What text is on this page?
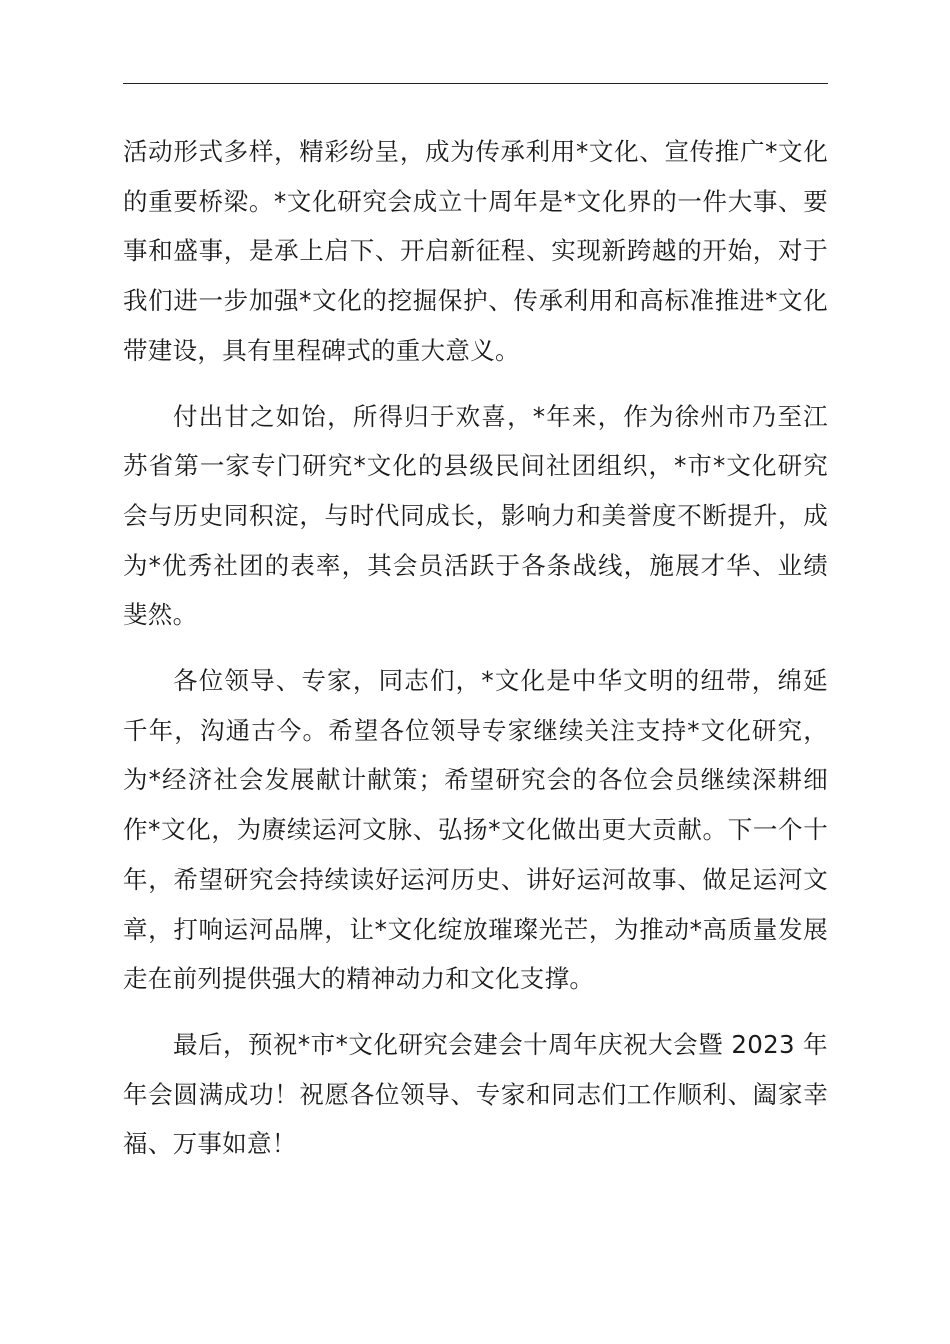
活动形式多样，精彩纷呈，成为传承利用*文化、宣传推广*文化的重要桥梁。*文化研究会成立十周年是*文化界的一件大事、要事和盛事，是承上启下、开启新征程、实现新跨越的开始，对于我们进一步加强*文化的挖掘保护、传承利用和高标准推进*文化带建设，具有里程碑式的重大意义。

付出甘之如饴，所得归于欢喜，*年来，作为徐州市乃至江苏省第一家专门研究*文化的县级民间社团组织，*市*文化研究会与历史同积淀，与时代同成长，影响力和美誉度不断提升，成为*优秀社团的表率，其会员活跃于各条战线，施展才华、业绩斐然。

各位领导、专家，同志们，*文化是中华文明的纽带，绵延千年，沟通古今。希望各位领导专家继续关注支持*文化研究，为*经济社会发展献计献策；希望研究会的各位会员继续深耕细作*文化，为赓续运河文脉、弘扬*文化做出更大贡献。下一个十年，希望研究会持续读好运河历史、讲好运河故事、做足运河文章，打响运河品牌，让*文化绽放璀璨光芒，为推动*高质量发展走在前列提供强大的精神动力和文化支撑。

最后，预祝*市*文化研究会建会十周年庆祝大会暨 2023 年年会圆满成功！祝愿各位领导、专家和同志们工作顺利、阖家幸福、万事如意！
